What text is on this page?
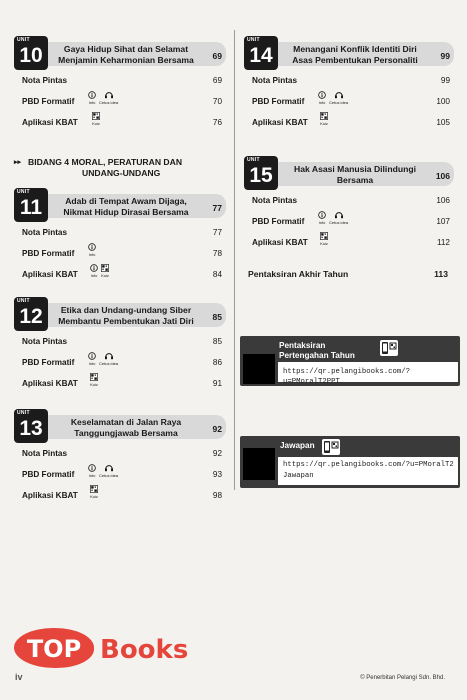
UNIT
10	Gaya Hidup Sihat dan Selamat Menjamin Keharmonian Bersama	69
Nota Pintas	69
PBD Formatif	Info Cetus idea	70
Aplikasi KBAT	Kuiz	76
▸▸ BIDANG 4 MORAL, PERATURAN DAN
UNDANG-UNDANG
UNIT
11	Adab di Tempat Awam Dijaga, Nikmat Hidup Dirasai Bersama	77
Nota Pintas	77
PBD Formatif	Info	78
Aplikasi KBAT	Info Kuiz	84
UNIT
12	Etika dan Undang-undang Siber Membantu Pembentukan Jati Diri	85
Nota Pintas	85
PBD Formatif	Info Cetus idea	86
Aplikasi KBAT	Kuiz	91
UNIT
13	Keselamatan di Jalan Raya Tanggungjawab Bersama	92
Nota Pintas	92
PBD Formatif	Info Cetus idea	93
Aplikasi KBAT	Kuiz	98
UNIT
14	Menangani Konflik Identiti Diri Asas Pembentukan Personaliti	99
Nota Pintas	99
PBD Formatif	Info Cetus idea	100
Aplikasi KBAT	Kuiz	105
UNIT
15	Hak Asasi Manusia Dilindungi Bersama	106
Nota Pintas	106
PBD Formatif	Info Cetus idea	107
Aplikasi KBAT	Kuiz	112
Pentaksiran Akhir Tahun	113
Pentaksiran
Pertengahan Tahun
https://qr.pelangibooks.com/?u=PMoralT2PPT
Jawapan
https://qr.pelangibooks.com/?u=PMoralT2
Jawapan
TOP Books
iv	© Penerbitan Pelangi Sdn. Bhd.
